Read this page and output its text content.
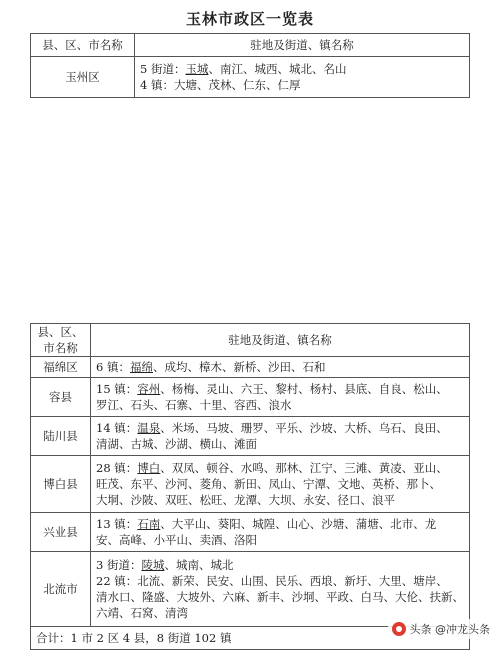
玉林市政区一览表
县、区、市名称	驻地及街道、镇名称
玉州区	5 街道：玉城、南江、城西、城北、名山
4 镇：大塘、茂林、仁东、仁厚
县、区、市名称	驻地及街道、镇名称
福绵区	6 镇：福绵、成均、樟木、新桥、沙田、石和

容县	15 镇：容州、杨梅、灵山、六王、黎村、杨村、县底、自良、松山、
罗江、石头、石寨、十里、容西、浪水

陆川县	14 镇：温泉、米场、马坡、珊罗、平乐、沙坡、大桥、乌石、良田、
清湖、古城、沙湖、横山、滩面

博白县	28 镇：博白、双凤、顿谷、水鸣、那林、江宁、三滩、黄凌、亚山、
旺茂、东平、沙河、菱角、新田、凤山、宁潭、文地、英桥、那卜、
大垌、沙陂、双旺、松旺、龙潭、大坝、永安、径口、浪平

兴业县	13 镇：石南、大平山、葵阳、城隍、山心、沙塘、蒲塘、北市、龙
安、高峰、小平山、卖酒、洛阳

北流市	3 街道：陵城、城南、城北
22 镇：北流、新荣、民安、山围、民乐、西埌、新圩、大里、塘岸、
清水口、隆盛、大坡外、六麻、新丰、沙垌、平政、白马、大伦、扶新、
六靖、石窝、清湾

合计：1 市 2 区 4 县，8 街道 102 镇	
头条 @冲龙头条
